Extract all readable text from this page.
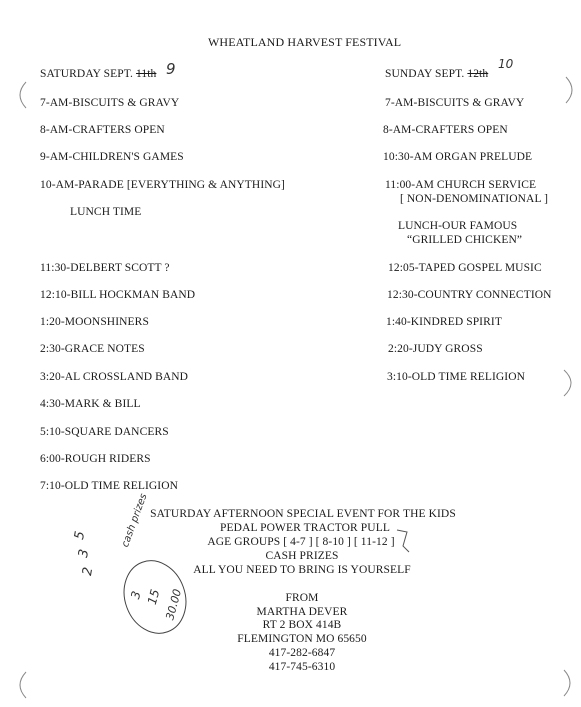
WHEATLAND HARVEST FESTIVAL
SATURDAY SEPT. 11th 9
7-AM-BISCUITS & GRAVY
8-AM-CRAFTERS OPEN
9-AM-CHILDREN'S GAMES
10-AM-PARADE [EVERYTHING & ANYTHING]
LUNCH TIME
11:30-DELBERT SCOTT ?
12:10-BILL HOCKMAN BAND
1:20-MOONSHINERS
2:30-GRACE NOTES
3:20-AL CROSSLAND BAND
4:30-MARK & BILL
5:10-SQUARE DANCERS
6:00-ROUGH RIDERS
7:10-OLD TIME RELIGION
SUNDAY SEPT. 12th
10
7-AM-BISCUITS & GRAVY
8-AM-CRAFTERS OPEN
10:30-AM ORGAN PRELUDE
11:00-AM CHURCH SERVICE
[ NON-DENOMINATIONAL ]
LUNCH-OUR FAMOUS
“GRILLED CHICKEN”
12:05-TAPED GOSPEL MUSIC
12:30-COUNTRY CONNECTION
1:40-KINDRED SPIRIT
2:20-JUDY GROSS
3:10-OLD TIME RELIGION
SATURDAY AFTERNOON SPECIAL EVENT FOR THE KIDS
PEDAL POWER TRACTOR PULL
AGE GROUPS [ 4-7 ] [ 8-10 ] [ 11-12 ]
CASH PRIZES
ALL YOU NEED TO BRING IS YOURSELF
FROM
MARTHA DEVER
RT 2 BOX 414B
FLEMINGTON MO 65650
417-282-6847
417-745-6310
5
3
2
cash prizes
3 15 30.00
